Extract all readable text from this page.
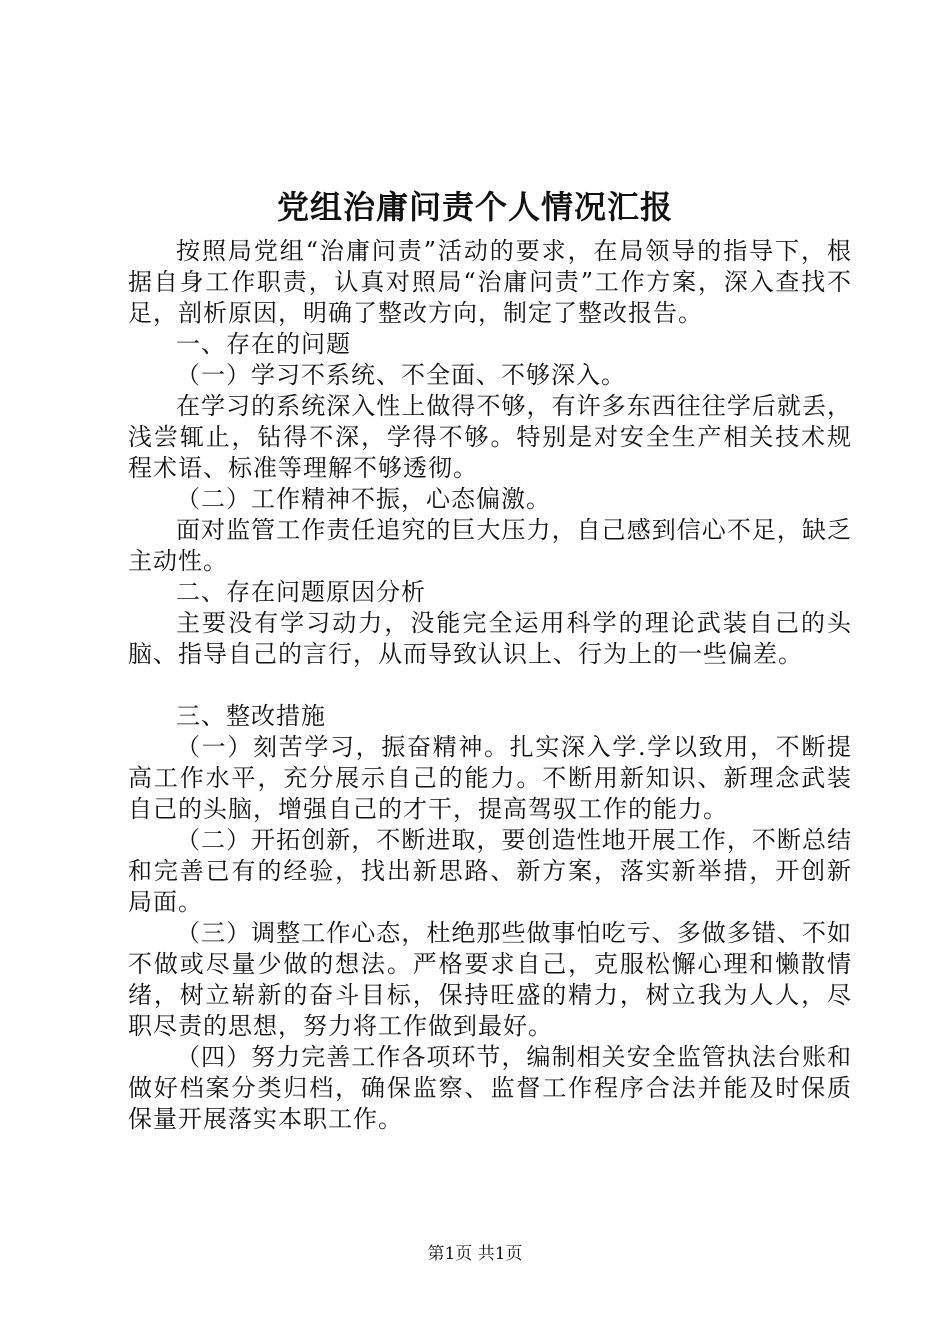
党组治庸问责个人情况汇报

按照局党组“治庸问责”活动的要求，在局领导的指导下，根据自身工作职责，认真对照局“治庸问责”工作方案，深入查找不足，剖析原因，明确了整改方向，制定了整改报告。

一、存在的问题

（一）学习不系统、不全面、不够深入。

在学习的系统深入性上做得不够，有许多东西往往学后就丢，浅尝辄止，钻得不深，学得不够。特别是对安全生产相关技术规程术语、标准等理解不够透彻。

（二）工作精神不振，心态偏激。

面对监管工作责任追究的巨大压力，自己感到信心不足，缺乏主动性。

二、存在问题原因分析

主要没有学习动力，没能完全运用科学的理论武装自己的头脑、指导自己的言行，从而导致认识上、行为上的一些偏差。

三、整改措施

（一）刻苦学习，振奋精神。扎实深入学.学以致用，不断提高工作水平，充分展示自己的能力。不断用新知识、新理念武装自己的头脑，增强自己的才干，提高驾驭工作的能力。

（二）开拓创新，不断进取，要创造性地开展工作，不断总结和完善已有的经验，找出新思路、新方案，落实新举措，开创新局面。

（三）调整工作心态，杜绝那些做事怕吃亏、多做多错、不如不做或尽量少做的想法。严格要求自己，克服松懈心理和懒散情绪，树立崭新的奋斗目标，保持旺盛的精力，树立我为人人，尽职尽责的思想，努力将工作做到最好。

（四）努力完善工作各项环节，编制相关安全监管执法台账和做好档案分类归档，确保监察、监督工作程序合法并能及时保质保量开展落实本职工作。

第1页 共1页
